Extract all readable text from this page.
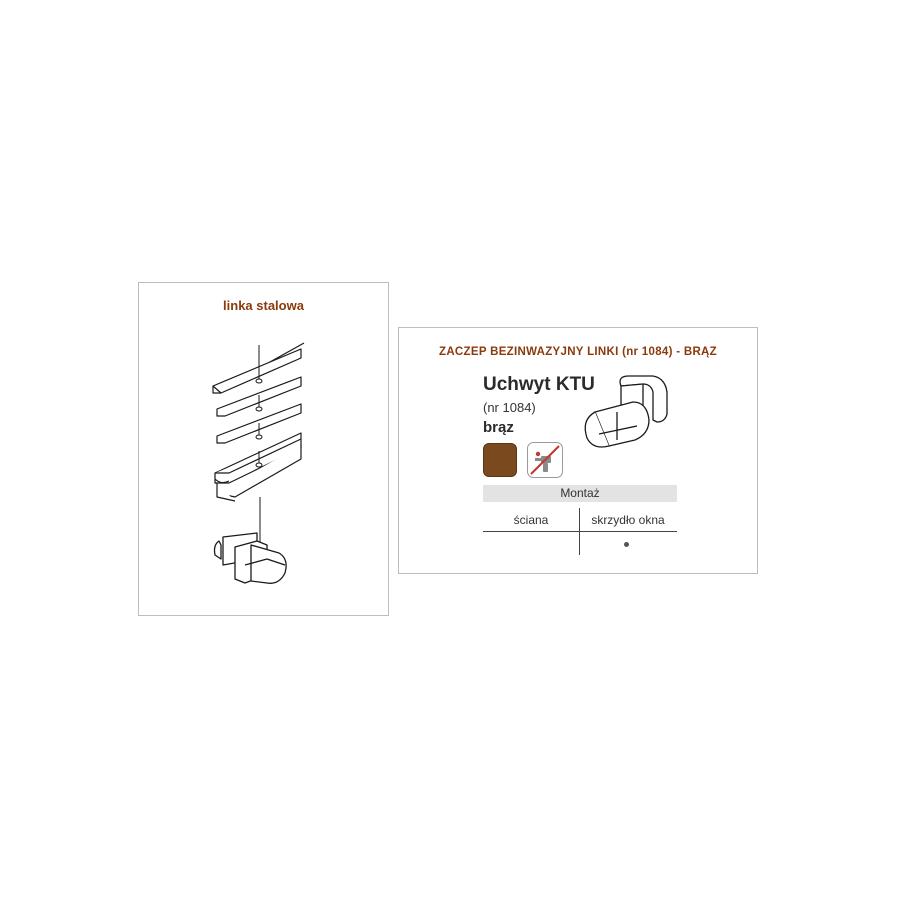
linka stalowa
ZACZEP BEZINWAZYJNY LINKI (nr 1084) - BRĄZ
Uchwyt KTU
(nr 1084)
brąz
Montaż
ściana	skrzydło okna
